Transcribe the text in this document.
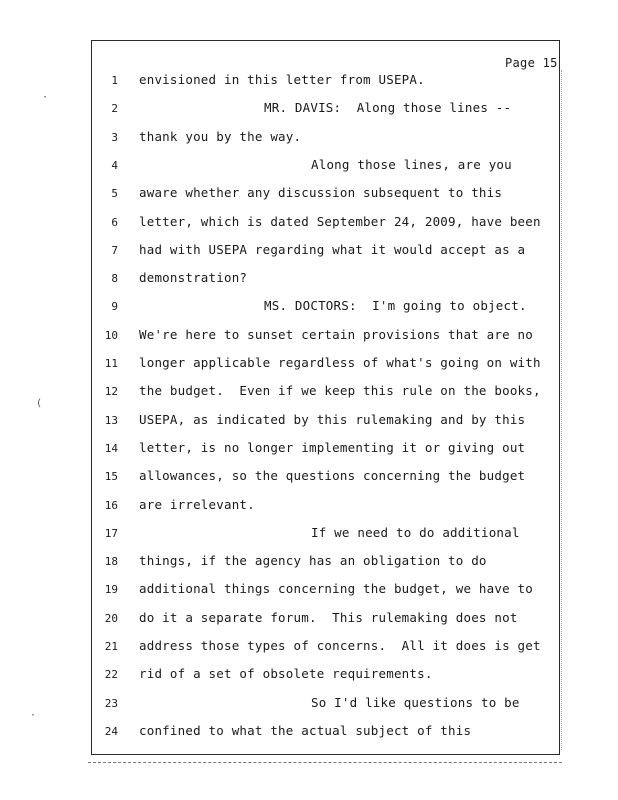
·
(
·
Page 15
1 envisioned in this letter from USEPA.
2	MR. DAVIS:  Along those lines --
3 thank you by the way.
4	Along those lines, are you
5 aware whether any discussion subsequent to this
6 letter, which is dated September 24, 2009, have been
7 had with USEPA regarding what it would accept as a
8 demonstration?
9	MS. DOCTORS:  I'm going to object.
10 We're here to sunset certain provisions that are no
11 longer applicable regardless of what's going on with
12 the budget.  Even if we keep this rule on the books,
13 USEPA, as indicated by this rulemaking and by this
14 letter, is no longer implementing it or giving out
15 allowances, so the questions concerning the budget
16 are irrelevant.
17	If we need to do additional
18 things, if the agency has an obligation to do
19 additional things concerning the budget, we have to
20 do it a separate forum.  This rulemaking does not
21 address those types of concerns.  All it does is get
22 rid of a set of obsolete requirements.
23	So I'd like questions to be
24 confined to what the actual subject of this
